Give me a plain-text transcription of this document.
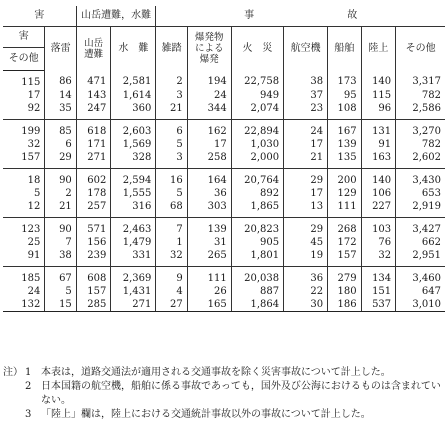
害		山岳遭難，水難		事 故						
害	落雷	山岳
遭難	水　難	雑踏	爆発物
による
爆発	火　災	航空機	船舶	陸上	その他
その他										
115	86	471	2,581	2	194	22,758	38	173	140	3,317
17	14	143	1,614	3	24	949	37	95	115	782
92	35	247	360	21	344	2,074	23	108	96	2,586
199	85	618	2,603	6	162	22,894	24	167	131	3,270
32	6	171	1,569	5	17	1,030	17	139	91	782
157	29	271	328	3	258	2,000	21	135	163	2,602
18	90	602	2,594	16	164	20,764	29	200	140	3,430
5	2	178	1,555	5	36	892	17	129	106	653
12	21	257	316	68	303	1,865	13	111	227	2,919
123	90	571	2,463	7	139	20,823	29	268	103	3,427
25	7	156	1,479	1	31	905	45	172	76	662
91	38	239	331	32	265	1,801	19	157	32	2,951
185	67	608	2,369	9	111	20,038	36	279	134	3,460
24	5	157	1,431	4	26	887	22	180	151	647
132	15	285	271	27	165	1,864	30	186	537	3,010
注） 1 本表は，道路交通法が適用される交通事故を除く災害事故について計上した。
2 日本国籍の航空機，船舶に係る事故であっても，国外及び公海におけるものは含まれていない。
3 「陸上」欄は，陸上における交通統計事故以外の事故について計上した。
